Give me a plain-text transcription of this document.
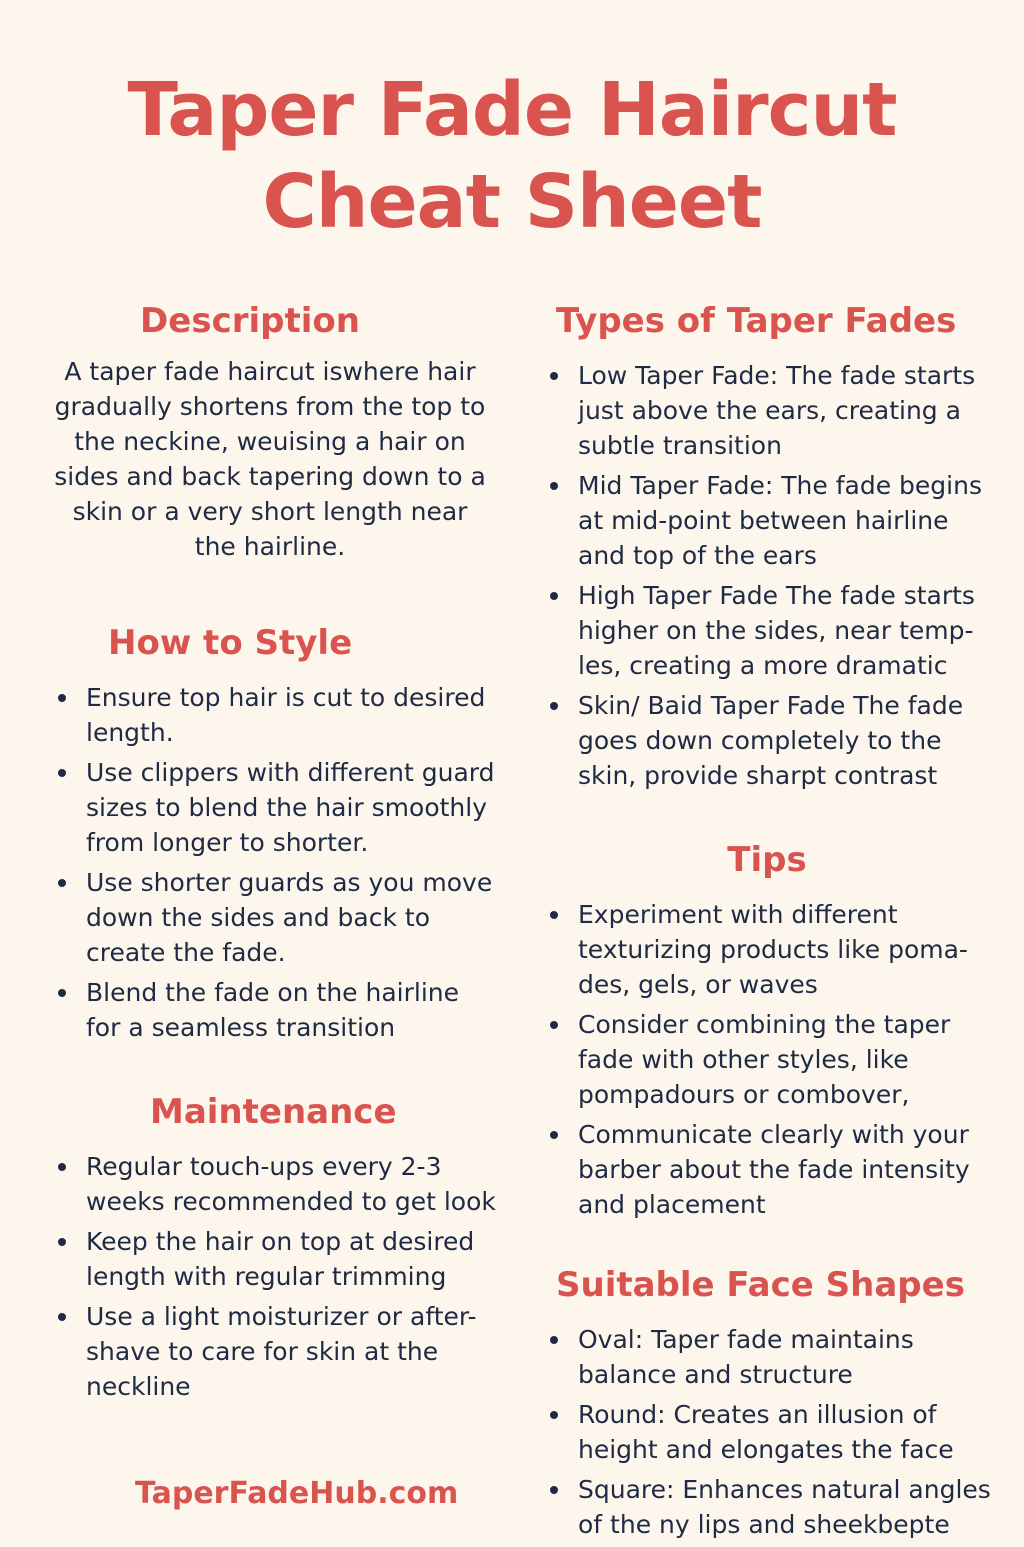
Taper Fade Haircut
Cheat Sheet
Description

A taper fade haircut iswhere hair gradually shortens from the top to the neckine, weuising a hair on sides and back tapering down to a skin or a very short length near the hairline.

How to Style
Ensure top hair is cut to desired length.
Use clippers with different guard sizes to blend the hair smoothly from longer to shorter.
Use shorter guards as you move down the sides and back to create the fade.
Blend the fade on the hairline for a seamless transition
Maintenance
Regular touch-ups every 2-3 weeks recommended to get look
Keep the hair on top at desired length with regular trimming
Use a light moisturizer or after-shave to care for skin at the neckline
TaperFadeHub.com
Types of Taper Fades
Low Taper Fade: The fade starts just above the ears, creating a subtle transition
Mid Taper Fade: The fade begins at mid-point between hairline and top of the ears
High Taper Fade The fade starts higher on the sides, near temp-les, creating a more dramatic
Skin/ Baid Taper Fade The fade goes down completely to the skin, provide sharpt contrast
Tips
Experiment with different texturizing products like poma-des, gels, or waves
Consider combining the taper fade with other styles, like pompadours or combover,
Communicate clearly with your barber about the fade intensity and placement
Suitable Face Shapes
Oval: Taper fade maintains balance and structure
Round: Creates an illusion of height and elongates the face
Square: Enhances natural angles of the ny lips and sheekbepte
